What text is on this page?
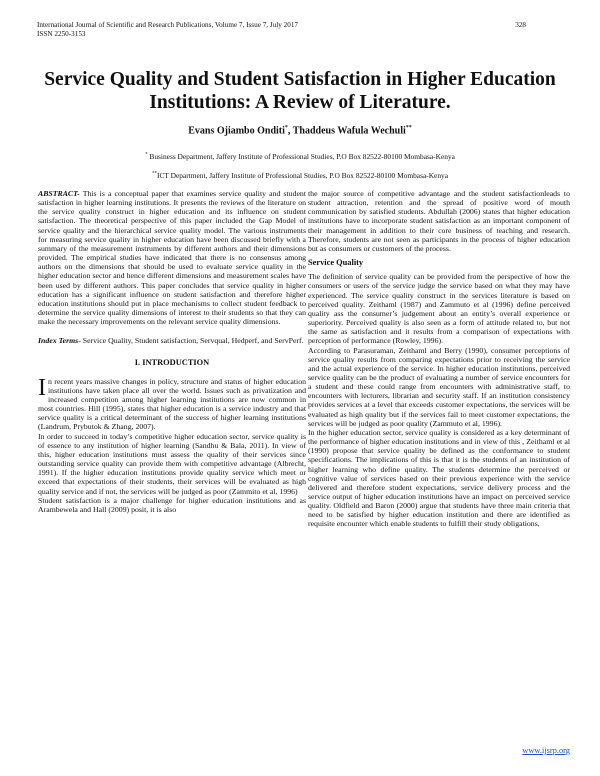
International Journal of Scientific and Research Publications, Volume 7, Issue 7, July 2017
ISSN 2250-3153
328
Service Quality and Student Satisfaction in Higher Education Institutions: A Review of Literature.
Evans Ojiambo Onditi*, Thaddeus Wafula Wechuli**
* Business Department, Jaffery Institute of Professional Studies, P.O Box 82522-80100 Mombasa-Kenya
**ICT Department, Jaffery Institute of Professional Studies, P.O Box 82522-80100 Mombasa-Kenya

ABSTRACT- This is a conceptual paper that examines service quality and student satisfaction in higher learning institutions. It presents the reviews of the literature on the service quality construct in higher education and its influence on student satisfaction. The theoretical perspective of this paper included the Gap Model of service quality and the hierarchical service quality model. The various instruments for measuring service quality in higher education have been discussed briefly with a summary of the measurement instruments by different authors and their dimensions provided. The empirical studies have indicated that there is no consensus among authors on the dimensions that should be used to evaluate service quality in the higher education sector and hence different dimensions and measurement scales have been used by different authors. This paper concludes that service quality in higher education has a significant influence on student satisfaction and therefore higher education institutions should put in place mechanisms to collect student feedback to determine the service quality dimensions of interest to their students so that they can make the necessary improvements on the relevant service quality dimensions.

Index Terms- Service Quality, Student satisfaction, Servqual, Hedperf, and ServPerf.

I. INTRODUCTION

In recent years massive changes in policy, structure and status of higher education institutions have taken place all over the world. Issues such as privatization and increased competition among higher learning institutions are now common in most countries. Hill (1995), states that higher education is a service industry and that service quality is a critical determinant of the success of higher learning institutions (Landrum, Prybutok & Zhang, 2007).

In order to succeed in today’s competitive higher education sector, service quality is of essence to any institution of higher learning (Sandhu & Bala, 2011). In view of this, higher education institutions must assess the quality of their services since outstanding service quality can provide them with competitive advantage (Albrecht, 1991). If the higher education institutions provide quality service which meet or exceed that expectations of their students, their services will be evaluated as high quality service and if not, the services will be judged as poor (Zammito et al, 1996)

Student satisfaction is a major challenge for higher education institutions and as Arambewela and Hall (2009) posit, it is also

the major source of competitive advantage and the student satisfactionleads to student attraction, retention and the spread of positive word of mouth communication by satisfied students. Abdullah (2006) states that higher education institutions have to incorporate student satisfaction as an important component of their management in addition to their core business of teaching and research. Therefore, students are not seen as participants in the process of higher education but as consumers or customers of the process.

Service Quality

The definition of service quality can be provided from the perspective of how the consumers or users of the service judge the service based on what they may have experienced. The service quality construct in the services literature is based on perceived quality. Zeithaml (1987) and Zammuto et al (1996) define perceived quality ass the consumer’s judgement about an entity’s overall experience or superiority. Perceived quality is also seen as a form of attitude related to, but not the same as satisfaction and it results from a comparison of expectations with perception of performance (Rowley, 1996).

According to Parasuraman, Zeithaml and Berry (1990), consumer perceptions of service quality results from comparing expectations prior to receiving the service and the actual experience of the service. In higher education institutions, perceived service quality can be the product of evaluating a number of service encounters for a student and these could range from encounters with administrative staff, to encounters with lecturers, librarian and security staff. If an institution consistency provides services at a level that exceeds customer expectations, the services will be evaluated as high quality but if the services fail to meet customer expectations, the services will be judged as poor quality (Zammuto et al, 1996).

In the higher education sector, service quality is considered as a key determinant of the performance of higher education institutions and in view of this , Zeithaml et al (1990) propose that service quality be defined as the conformance to student specifications. The implications of this is that it is the students of an institution of higher learning who define quality. The students determine the perceived or cognitive value of services based on their previous experience with the service delivered and therefore student expectations, service delivery process and the service output of higher education institutions have an impact on perceived service quality. Oldfield and Baron (2000) argue that students have three main criteria that need to be satisfied by higher education institution and there are identified as requisite encounter which enable students to fulfill their study obligations,

www.ijsrp.org
